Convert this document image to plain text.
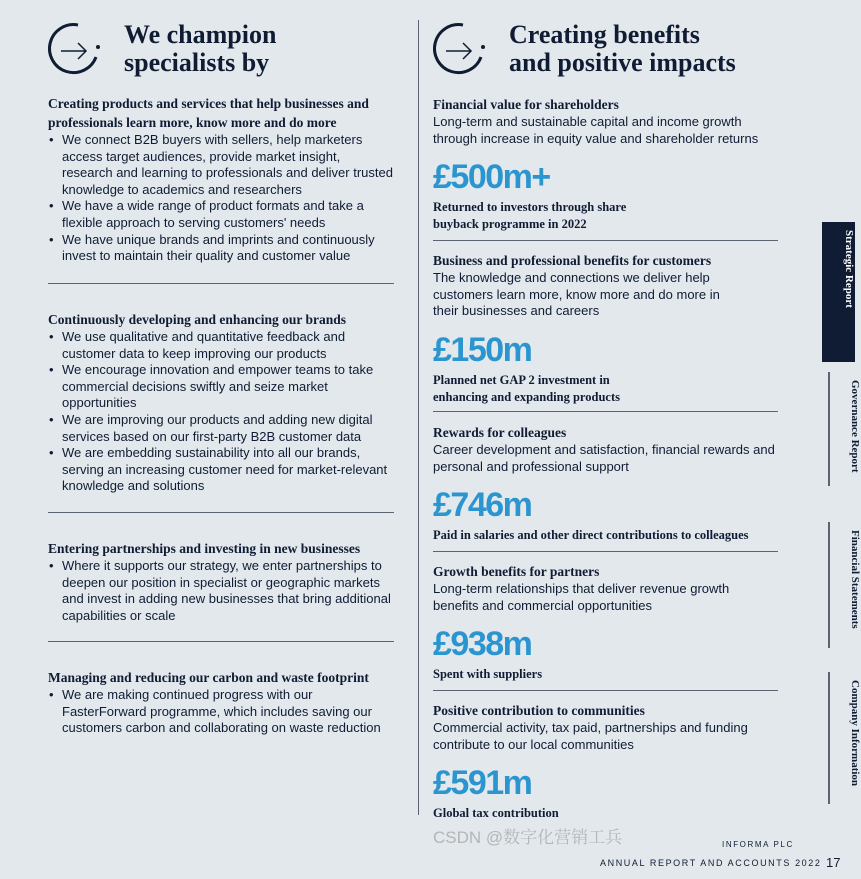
We champion
specialists by
Creating products and services that help businesses and professionals learn more, know more and do more
• We connect B2B buyers with sellers, help marketers access target audiences, provide market insight, research and learning to professionals and deliver trusted knowledge to academics and researchers
• We have a wide range of product formats and take a flexible approach to serving customers' needs
• We have unique brands and imprints and continuously invest to maintain their quality and customer value
Continuously developing and enhancing our brands
• We use qualitative and quantitative feedback and customer data to keep improving our products
• We encourage innovation and empower teams to take commercial decisions swiftly and seize market opportunities
• We are improving our products and adding new digital services based on our first-party B2B customer data
• We are embedding sustainability into all our brands, serving an increasing customer need for market-relevant knowledge and solutions
Entering partnerships and investing in new businesses
• Where it supports our strategy, we enter partnerships to deepen our position in specialist or geographic markets and invest in adding new businesses that bring additional capabilities or scale
Managing and reducing our carbon and waste footprint
• We are making continued progress with our FasterForward programme, which includes saving our customers carbon and collaborating on waste reduction
Creating benefits
and positive impacts
Financial value for shareholders
Long-term and sustainable capital and income growth through increase in equity value and shareholder returns
£500m+
Returned to investors through share buyback programme in 2022
Business and professional benefits for customers
The knowledge and connections we deliver help customers learn more, know more and do more in their businesses and careers
£150m
Planned net GAP 2 investment in enhancing and expanding products
Rewards for colleagues
Career development and satisfaction, financial rewards and personal and professional support
£746m
Paid in salaries and other direct contributions to colleagues
Growth benefits for partners
Long-term relationships that deliver revenue growth benefits and commercial opportunities
£938m
Spent with suppliers
Positive contribution to communities
Commercial activity, tax paid, partnerships and funding contribute to our local communities
£591m
Global tax contribution
Strategic Report
Governance Report
Financial Statements
Company Information
INFORMA PLC
ANNUAL REPORT AND ACCOUNTS 2022 17
CSDN @数字化营销工兵
